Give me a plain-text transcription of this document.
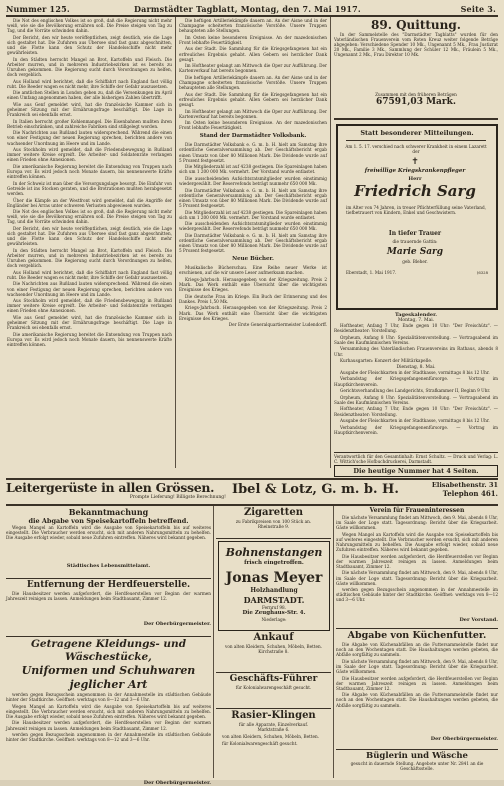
Nummer 125.	Darmstädter Tagblatt, Montag, den 7. Mai 1917.	Seite 3.

Die Not des englischen Volkes ist so groß, daß die Regierung nicht mehr weiß, wie sie die Bevölkerung ernähren soll. Die Preise steigen von Tag zu Tag, und die Vorräte schwinden dahin.

Der Bericht, den wir heute veröffentlichen, zeigt deutlich, wie die Lage sich gestaltet hat. Die Zufuhren aus Übersee sind fast ganz abgeschnitten, und die Flotte kann den Schutz der Handelsschiffe nicht mehr gewährleisten.

In den Städten herrscht Mangel an Brot, Kartoffeln und Fleisch. Die Arbeiter murren, und in mehreren Industriebezirken ist es bereits zu Unruhen gekommen. Die Regierung sucht durch Verordnungen zu helfen, doch vergeblich.

Aus Holland wird berichtet, daß die Schiffahrt nach England fast völlig ruht. Die Reeder wagen es nicht mehr, ihre Schiffe der Gefahr auszusetzen.

Die amtlichen Stellen in London geben zu, daß die Versenkungen im April einen Umfang angenommen haben, der alle bisherigen Zahlen übertrifft.

Wie aus Genf gemeldet wird, hat die französische Kammer sich in geheimer Sitzung mit der Ernährungsfrage beschäftigt. Die Lage in Frankreich sei ebenfalls ernst.

In Italien herrscht großer Kohlenmangel. Die Eisenbahnen mußten ihren Betrieb einschränken, und zahlreiche Fabriken sind stillgelegt worden.

Die Nachrichten aus Rußland lauten widersprechend. Während die einen von einer Festigung der neuen Regierung sprechen, berichten andere von wachsender Unordnung im Heere und im Lande.

Aus Stockholm wird gemeldet, daß die Friedensbewegung in Rußland immer weitere Kreise ergreift. Die Arbeiter- und Soldatenräte verlangen einen Frieden ohne Annexionen.

Die amerikanische Regierung bereitet die Entsendung von Truppen nach Europa vor. Es wird jedoch noch Monate dauern, bis nennenswerte Kräfte eintreffen können.

In der Schweiz ist man über die Versorgungslage besorgt. Die Einfuhr von Getreide ist ins Stocken geraten, und die Brotrationen mußten herabgesetzt werden.

Über die Kämpfe an der Westfront wird gemeldet, daß die Angriffe der Engländer bei Arras unter schweren Verlusten abgewiesen wurden.

Die Not des englischen Volkes ist so groß, daß die Regierung nicht mehr weiß, wie sie die Bevölkerung ernähren soll. Die Preise steigen von Tag zu Tag, und die Vorräte schwinden dahin.

Der Bericht, den wir heute veröffentlichen, zeigt deutlich, wie die Lage sich gestaltet hat. Die Zufuhren aus Übersee sind fast ganz abgeschnitten, und die Flotte kann den Schutz der Handelsschiffe nicht mehr gewährleisten.

In den Städten herrscht Mangel an Brot, Kartoffeln und Fleisch. Die Arbeiter murren, und in mehreren Industriebezirken ist es bereits zu Unruhen gekommen. Die Regierung sucht durch Verordnungen zu helfen, doch vergeblich.

Aus Holland wird berichtet, daß die Schiffahrt nach England fast völlig ruht. Die Reeder wagen es nicht mehr, ihre Schiffe der Gefahr auszusetzen.

Die Nachrichten aus Rußland lauten widersprechend. Während die einen von einer Festigung der neuen Regierung sprechen, berichten andere von wachsender Unordnung im Heere und im Lande.

Aus Stockholm wird gemeldet, daß die Friedensbewegung in Rußland immer weitere Kreise ergreift. Die Arbeiter- und Soldatenräte verlangen einen Frieden ohne Annexionen.

Wie aus Genf gemeldet wird, hat die französische Kammer sich in geheimer Sitzung mit der Ernährungsfrage beschäftigt. Die Lage in Frankreich sei ebenfalls ernst.

Die amerikanische Regierung bereitet die Entsendung von Truppen nach Europa vor. Es wird jedoch noch Monate dauern, bis nennenswerte Kräfte eintreffen können.

Die heftigen Artilleriekämpfe dauern an. An der Aisne und in der Champagne scheiterten französische Vorstöße. Unsere Truppen behaupteten alle Stellungen.

Im Osten keine besonderen Ereignisse. An der mazedonischen Front lebhafte Feuertätigkeit.

Aus der Stadt. Die Sammlung für die Kriegsgefangenen hat ein erfreuliches Ergebnis gehabt. Allen Gebern sei herzlicher Dank gesagt.

Im Hoftheater gelangt am Mittwoch die Oper zur Aufführung. Der Kartenverkauf hat bereits begonnen.

Die heftigen Artilleriekämpfe dauern an. An der Aisne und in der Champagne scheiterten französische Vorstöße. Unsere Truppen behaupteten alle Stellungen.

Aus der Stadt. Die Sammlung für die Kriegsgefangenen hat ein erfreuliches Ergebnis gehabt. Allen Gebern sei herzlicher Dank gesagt.

Im Hoftheater gelangt am Mittwoch die Oper zur Aufführung. Der Kartenverkauf hat bereits begonnen.

Im Osten keine besonderen Ereignisse. An der mazedonischen Front lebhafte Feuertätigkeit.

Stand der Darmstädter Volksbank.

Die Darmstädter Volksbank e. G. m. b. H. hielt am Samstag ihre ordentliche Generalversammlung ab. Der Geschäftsbericht ergab einen Umsatz von über 80 Millionen Mark. Die Dividende wurde auf 5 Prozent festgesetzt.

Die Mitgliederzahl ist auf 4238 gestiegen. Die Spareinlagen haben sich um 1 200 000 Mk. vermehrt. Der Vorstand wurde entlastet.

Die ausscheidenden Aufsichtsratsmitglieder wurden einstimmig wiedergewählt. Der Reservefonds beträgt nunmehr 650 000 Mk.

Die Darmstädter Volksbank e. G. m. b. H. hielt am Samstag ihre ordentliche Generalversammlung ab. Der Geschäftsbericht ergab einen Umsatz von über 80 Millionen Mark. Die Dividende wurde auf 5 Prozent festgesetzt.

Die Mitgliederzahl ist auf 4238 gestiegen. Die Spareinlagen haben sich um 1 200 000 Mk. vermehrt. Der Vorstand wurde entlastet.

Die ausscheidenden Aufsichtsratsmitglieder wurden einstimmig wiedergewählt. Der Reservefonds beträgt nunmehr 650 000 Mk.

Die Darmstädter Volksbank e. G. m. b. H. hielt am Samstag ihre ordentliche Generalversammlung ab. Der Geschäftsbericht ergab einen Umsatz von über 80 Millionen Mark. Die Dividende wurde auf 5 Prozent festgesetzt.

Neue Bücher.

Musikalische Bücherschau. Eine Reihe neuer Werke ist erschienen, auf die wir unsere Leser aufmerksam machen.

Kriegs-Jahrbuch. Herausgegeben von der Kriegszeitung. Preis 2 Mark. Das Werk enthält eine Übersicht über die wichtigsten Ereignisse des Krieges.

Die deutsche Frau im Kriege. Ein Buch der Erinnerung und des Dankes. Preis 1,50 Mk.

Kriegs-Jahrbuch. Herausgegeben von der Kriegszeitung. Preis 2 Mark. Das Werk enthält eine Übersicht über die wichtigsten Ereignisse des Krieges.

Der Erste Generalquartiermeister Ludendorff.

89. Quittung.

In der Sammelstelle des "Darmstädter Tagblatts" wurden für den Vaterländischen Frauenverein vom Roten Kreuz weiter folgende Beträge abgegeben: Verschiedene Spender 10 Mk., Ungenannt 5 Mk., Frau Justizrat 20 Mk., Familie 3 Mk., Sammlung der Schüler 12 Mk., Fräulein 5 Mk., Ungenannt 2 Mk., Frau Direktor 10 Mk.

Zusammen mit den früheren Beträgen
67591,03 Mark.
Statt besonderer Mitteilungen.
Am 1. 5. 17. verschied nach schwerer Krankheit in einem Lazarett der
✝
freiwillige Kriegskrankenpfleger
Herr
Friedrich Sarg
im Alter von 74 Jahren, in treuer Pflichterfüllung seine Vaterland, tiefbetrauert von Kindern, Enkel und Geschwistern.
In tiefer Trauer
die trauernde Gattin:
Marie Sarg
geb. Bleher.
Eberstadt, 1. Mai 1917.	(6328
Tageskalender.
Montag, 7. Mai.

Hoftheater, Anfang 7 Uhr, Ende gegen 10 Uhr: "Der Freischütz". — Residenztheater: Vorstellung.

Orpheum, Anfang 8 Uhr: Spezialitätenvorstellung. — Vortragsabend im Saale des Kaufmännischen Vereins.

Versammlung des Vaterländischen Frauenvereins im Rathaus, abends 8 Uhr.

Kurhausgarten: Konzert der Militärkapelle.

Dienstag, 8. Mai.

Ausgabe der Fleischkarten in der Stadtkasse, vormittags 8 bis 12 Uhr.

Verbandstag der Kriegsgefangenenfürsorge. — Vortrag im Hauptkirchenverein.

Gerichtsverhandlung des Landgerichts, Strafkammer II, Beginn 9 Uhr.

Orpheum, Anfang 8 Uhr: Spezialitätenvorstellung. — Vortragsabend im Saale des Kaufmännischen Vereins.

Hoftheater, Anfang 7 Uhr, Ende gegen 10 Uhr: "Der Freischütz". — Residenztheater: Vorstellung.

Ausgabe der Fleischkarten in der Stadtkasse, vormittags 8 bis 12 Uhr.

Verbandstag der Kriegsgefangenenfürsorge. — Vortrag im Hauptkirchenverein.

Verantwortlich für den Gesamtinhalt: Ernst Schultz. — Druck und Verlag: L. C. Wittich'sche Hofbuchdruckerei, Darmstadt.

Die heutige Nummer hat 4 Seiten.
Leitergerüste in allen Grössen.
Prompte Lieferung! Billigste Berechnung!
Ibel & Lotz, G. m. b. H.	Elisabethenstr. 31
Telephon 461.
Bekanntmachung
die Abgabe von Speisekartoffeln betreffend.

Wegen Mangel an Kartoffeln wird die Ausgabe von Speisekartoffeln bis auf weiteres eingestellt. Die Verbraucher werden ersucht, sich mit anderen Nahrungsmitteln zu behelfen. Die Ausgabe erfolgt wieder, sobald neue Zufuhren eintreffen. Näheres wird bekannt gegeben.

Städtisches Lebensmittelamt.
Entfernung der Herdfeuerstelle.

Die Hausbesitzer werden aufgefordert, die Herdfeuerstellen vor Beginn der warmen Jahreszeit reinigen zu lassen. Anmeldungen beim Stadtbauamt, Zimmer 12.

Der Oberbürgermeister.
Getragene Kleidungs- und Wäschestücke,
Uniformen und Schuhwaren jeglicher Art

werden gegen Bezugsschein angenommen in der Annahmestelle im städtischen Gebäude hinter der Stadtkirche. Geöffnet: werktags von 8—12 und 3—6 Uhr.

Wegen Mangel an Kartoffeln wird die Ausgabe von Speisekartoffeln bis auf weiteres eingestellt. Die Verbraucher werden ersucht, sich mit anderen Nahrungsmitteln zu behelfen. Die Ausgabe erfolgt wieder, sobald neue Zufuhren eintreffen. Näheres wird bekannt gegeben.

Die Hausbesitzer werden aufgefordert, die Herdfeuerstellen vor Beginn der warmen Jahreszeit reinigen zu lassen. Anmeldungen beim Stadtbauamt, Zimmer 12.

werden gegen Bezugsschein angenommen in der Annahmestelle im städtischen Gebäude hinter der Stadtkirche. Geöffnet: werktags von 8—12 und 3—6 Uhr.

Der Oberbürgermeister.
Zigaretten
zu Fabrikpreisen von 100 Stück an.
Rheinstraße 9.
Bohnenstangen
frisch eingetroffen.
Jonas Meyer
Holzhandlung
DARMSTADT.
Fernruf 98.
Die Zeughaus-Str. 4.
Niederlage:
Ankauf
von alten Kleidern, Schuhen, Möbeln, Betten.
Kirchstraße 8.
Geschäfts-Führer
für Kolonialwarengeschäft gesucht.
Rasier-Klingen
für alle Apparate, Einzelverkauf.
Marktstraße 6.

von alten Kleidern, Schuhen, Möbeln, Betten.

für Kolonialwarengeschäft gesucht.

Verein für Fraueninteressen

Die nächste Versammlung findet am Mittwoch, den 9. Mai, abends 8 Uhr, im Saale der Loge statt. Tagesordnung: Bericht über die Kriegsarbeit. Gäste willkommen.

Wegen Mangel an Kartoffeln wird die Ausgabe von Speisekartoffeln bis auf weiteres eingestellt. Die Verbraucher werden ersucht, sich mit anderen Nahrungsmitteln zu behelfen. Die Ausgabe erfolgt wieder, sobald neue Zufuhren eintreffen. Näheres wird bekannt gegeben.

Die Hausbesitzer werden aufgefordert, die Herdfeuerstellen vor Beginn der warmen Jahreszeit reinigen zu lassen. Anmeldungen beim Stadtbauamt, Zimmer 12.

Die nächste Versammlung findet am Mittwoch, den 9. Mai, abends 8 Uhr, im Saale der Loge statt. Tagesordnung: Bericht über die Kriegsarbeit. Gäste willkommen.

werden gegen Bezugsschein angenommen in der Annahmestelle im städtischen Gebäude hinter der Stadtkirche. Geöffnet: werktags von 8—12 und 3—6 Uhr.

Der Vorstand.
Abgabe von Küchenfutter.

Die Abgabe von Küchenabfällen an die Futtersammelstelle findet nur noch an den Wochentagen statt. Die Haushaltungen werden gebeten, die Abfälle sorgfältig zu sammeln.

Die nächste Versammlung findet am Mittwoch, den 9. Mai, abends 8 Uhr, im Saale der Loge statt. Tagesordnung: Bericht über die Kriegsarbeit. Gäste willkommen.

Die Hausbesitzer werden aufgefordert, die Herdfeuerstellen vor Beginn der warmen Jahreszeit reinigen zu lassen. Anmeldungen beim Stadtbauamt, Zimmer 12.

Die Abgabe von Küchenabfällen an die Futtersammelstelle findet nur noch an den Wochentagen statt. Die Haushaltungen werden gebeten, die Abfälle sorgfältig zu sammeln.

Der Oberbürgermeister.
Büglerin und Wäsche
gesucht in dauernde Stellung. Angebote unter Nr. 2841 an die Geschäftsstelle.
